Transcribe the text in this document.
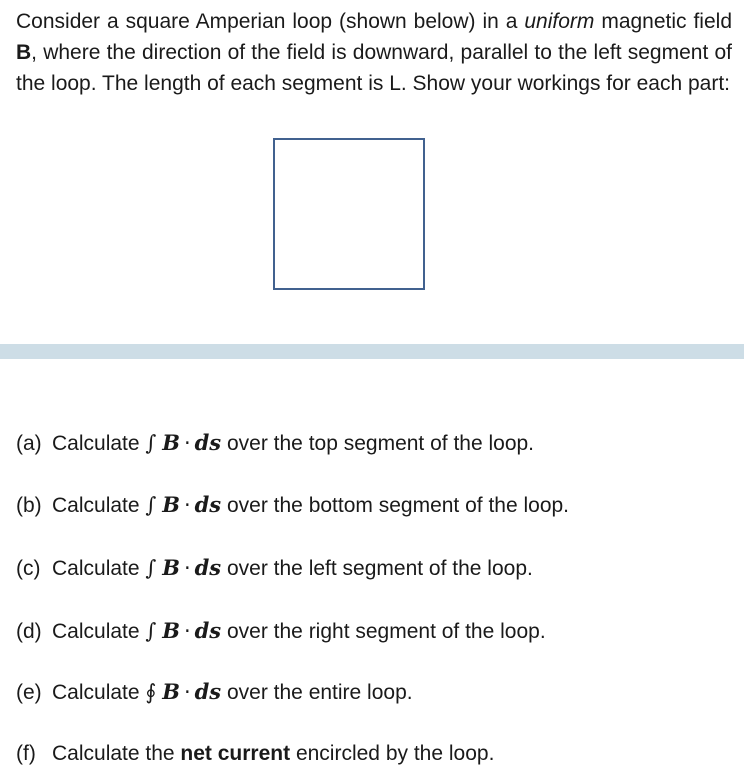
Consider a square Amperian loop (shown below) in a uniform magnetic field B, where the direction of the field is downward, parallel to the left segment of the loop. The length of each segment is L. Show your workings for each part:

(a) Calculate ∫ B · ds over the top segment of the loop.

(b) Calculate ∫ B · ds over the bottom segment of the loop.

(c) Calculate ∫ B · ds over the left segment of the loop.

(d) Calculate ∫ B · ds over the right segment of the loop.

(e) Calculate ∮ B · ds over the entire loop.

(f) Calculate the net current encircled by the loop.
